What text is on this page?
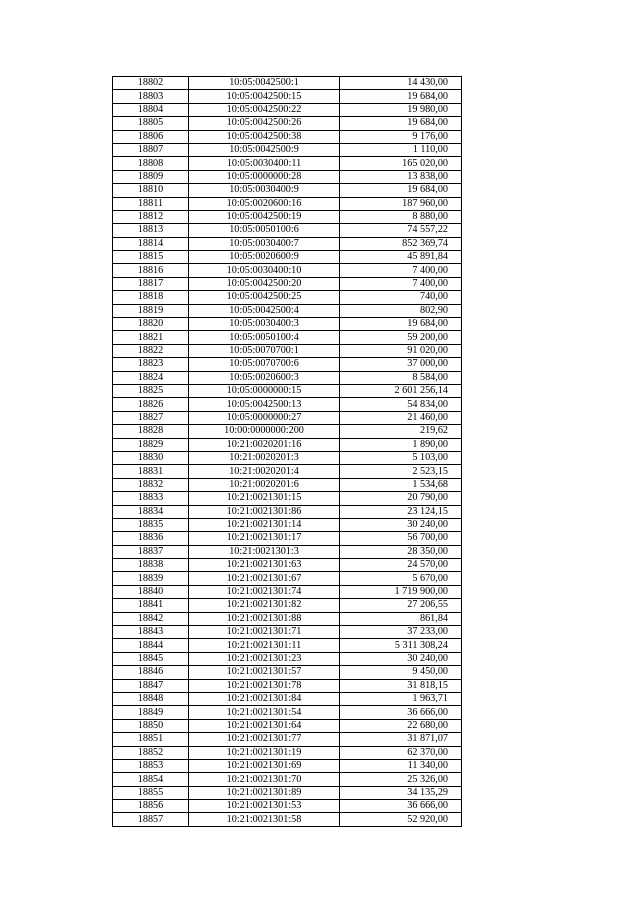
18802	10:05:0042500:1	14 430,00
18803	10:05:0042500:15	19 684,00
18804	10:05:0042500:22	19 980,00
18805	10:05:0042500:26	19 684,00
18806	10:05:0042500:38	9 176,00
18807	10:05:0042500:9	1 110,00
18808	10:05:0030400:11	165 020,00
18809	10:05:0000000:28	13 838,00
18810	10:05:0030400:9	19 684,00
18811	10:05:0020600:16	187 960,00
18812	10:05:0042500:19	8 880,00
18813	10:05:0050100:6	74 557,22
18814	10:05:0030400:7	852 369,74
18815	10:05:0020600:9	45 891,84
18816	10:05:0030400:10	7 400,00
18817	10:05:0042500:20	7 400,00
18818	10:05:0042500:25	740,00
18819	10:05:0042500:4	802,90
18820	10:05:0030400:3	19 684,00
18821	10:05:0050100:4	59 200,00
18822	10:05:0070700:1	91 020,00
18823	10:05:0070700:6	37 000,00
18824	10:05:0020600:3	8 584,00
18825	10:05:0000000:15	2 601 256,14
18826	10:05:0042500:13	54 834,00
18827	10:05:0000000:27	21 460,00
18828	10:00:0000000:200	219,62
18829	10:21:0020201:16	1 890,00
18830	10:21:0020201:3	5 103,00
18831	10:21:0020201:4	2 523,15
18832	10:21:0020201:6	1 534,68
18833	10:21:0021301:15	20 790,00
18834	10:21:0021301:86	23 124,15
18835	10:21:0021301:14	30 240,00
18836	10:21:0021301:17	56 700,00
18837	10:21:0021301:3	28 350,00
18838	10:21:0021301:63	24 570,00
18839	10:21:0021301:67	5 670,00
18840	10:21:0021301:74	1 719 900,00
18841	10:21:0021301:82	27 206,55
18842	10:21:0021301:88	861,84
18843	10:21:0021301:71	37 233,00
18844	10:21:0021301:11	5 311 308,24
18845	10:21:0021301:23	30 240,00
18846	10:21:0021301:57	9 450,00
18847	10:21:0021301:78	31 818,15
18848	10:21:0021301:84	1 963,71
18849	10:21:0021301:54	36 666,00
18850	10:21:0021301:64	22 680,00
18851	10:21:0021301:77	31 871,07
18852	10:21:0021301:19	62 370,00
18853	10:21:0021301:69	11 340,00
18854	10:21:0021301:70	25 326,00
18855	10:21:0021301:89	34 135,29
18856	10:21:0021301:53	36 666,00
18857	10:21:0021301:58	52 920,00
